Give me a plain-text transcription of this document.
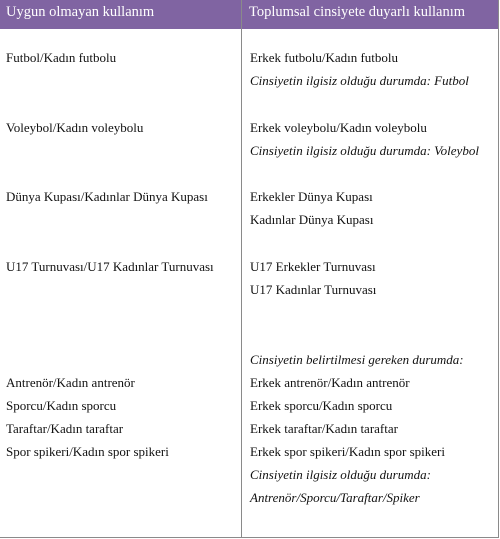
Uygun olmayan kullanım	Toplumsal cinsiyete duyarlı kullanım
Futbol/Kadın futbolu
Voleybol/Kadın voleybolu
Dünya Kupası/Kadınlar Dünya Kupası
U17 Turnuvası/U17 Kadınlar Turnuvası
Antrenör/Kadın antrenör
Sporcu/Kadın sporcu
Taraftar/Kadın taraftar
Spor spikeri/Kadın spor spikeri
Erkek futbolu/Kadın futbolu
Cinsiyetin ilgisiz olduğu durumda: Futbol
Erkek voleybolu/Kadın voleybolu
Cinsiyetin ilgisiz olduğu durumda: Voleybol
Erkekler Dünya Kupası
Kadınlar Dünya Kupası
U17 Erkekler Turnuvası
U17 Kadınlar Turnuvası
Cinsiyetin belirtilmesi gereken durumda:
Erkek antrenör/Kadın antrenör
Erkek sporcu/Kadın sporcu
Erkek taraftar/Kadın taraftar
Erkek spor spikeri/Kadın spor spikeri
Cinsiyetin ilgisiz olduğu durumda:
Antrenör/Sporcu/Taraftar/Spiker
